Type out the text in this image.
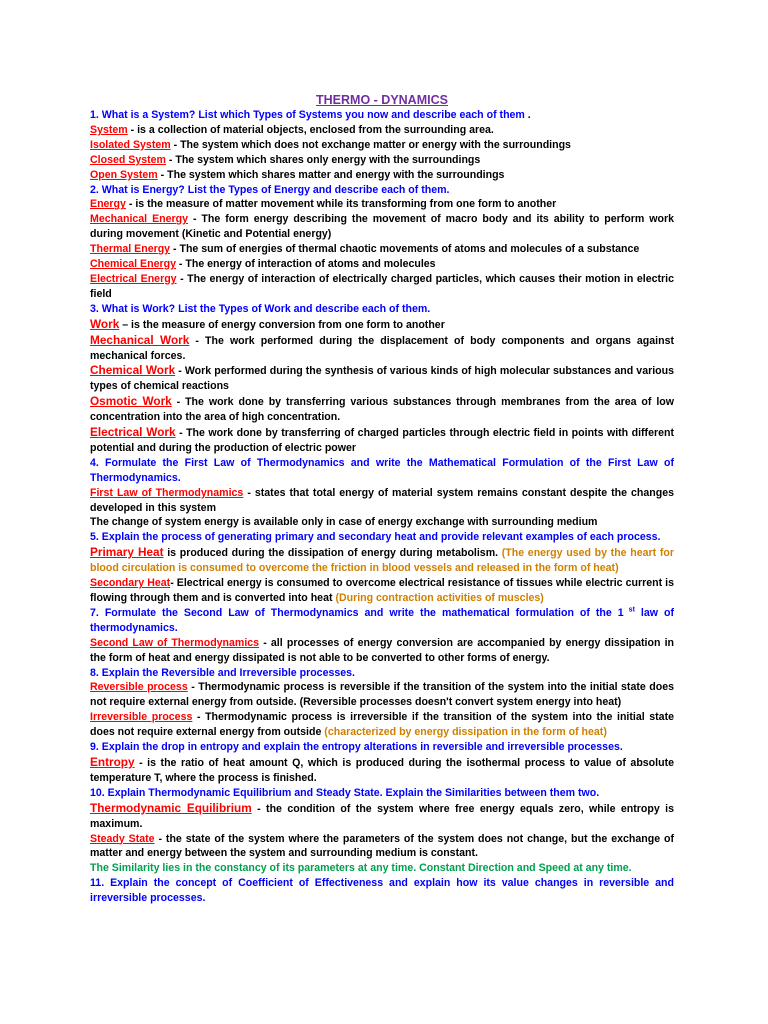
THERMO - DYNAMICS

1. What is a System? List which Types of Systems you now and describe each of them .

System - is a collection of material objects, enclosed from the surrounding area.

Isolated System - The system which does not exchange matter or energy with the surroundings

Closed System - The system which shares only energy with the surroundings

Open System - The system which shares matter and energy with the surroundings

2. What is Energy? List the Types of Energy and describe each of them.

Energy - is the measure of matter movement while its transforming from one form to another

Mechanical Energy - The form energy describing the movement of macro body and its ability to perform work during movement (Kinetic and Potential energy)

Thermal Energy - The sum of energies of thermal chaotic movements of atoms and molecules of a substance

Chemical Energy - The energy of interaction of atoms and molecules

Electrical Energy - The energy of interaction of electrically charged particles, which causes their motion in electric field

3. What is Work? List the Types of Work and describe each of them.

Work – is the measure of energy conversion from one form to another

Mechanical Work - The work performed during the displacement of body components and organs against mechanical forces.

Chemical Work - Work performed during the synthesis of various kinds of high molecular substances and various types of chemical reactions

Osmotic Work - The work done by transferring various substances through membranes from the area of low concentration into the area of high concentration.

Electrical Work - The work done by transferring of charged particles through electric field in points with different potential and during the production of electric power

4. Formulate the First Law of Thermodynamics and write the Mathematical Formulation of the First Law of Thermodynamics.

First Law of Thermodynamics - states that total energy of material system remains constant despite the changes developed in this system

The change of system energy is available only in case of energy exchange with surrounding medium

5. Explain the process of generating primary and secondary heat and provide relevant examples of each process.

Primary Heat is produced during the dissipation of energy during metabolism. (The energy used by the heart for blood circulation is consumed to overcome the friction in blood vessels and released in the form of heat)

Secondary Heat- Electrical energy is consumed to overcome electrical resistance of tissues while electric current is flowing through them and is converted into heat (During contraction activities of muscles)

7. Formulate the Second Law of Thermodynamics and write the mathematical formulation of the 1 $^{st}$ law of thermodynamics.

Second Law of Thermodynamics - all processes of energy conversion are accompanied by energy dissipation in the form of heat and energy dissipated is not able to be converted to other forms of energy.

8. Explain the Reversible and Irreversible processes.

Reversible process - Thermodynamic process is reversible if the transition of the system into the initial state does not require external energy from outside. (Reversible processes doesn't convert system energy into heat)

Irreversible process - Thermodynamic process is irreversible if the transition of the system into the initial state does not require external energy from outside (characterized by energy dissipation in the form of heat)

9. Explain the drop in entropy and explain the entropy alterations in reversible and irreversible processes.

Entropy - is the ratio of heat amount Q, which is produced during the isothermal process to value of absolute temperature T, where the process is finished.

10. Explain Thermodynamic Equilibrium and Steady State. Explain the Similarities between them two.

Thermodynamic Equilibrium - the condition of the system where free energy equals zero, while entropy is maximum.

Steady State - the state of the system where the parameters of the system does not change, but the exchange of matter and energy between the system and surrounding medium is constant.

The Similarity lies in the constancy of its parameters at any time. Constant Direction and Speed at any time.

11. Explain the concept of Coefficient of Effectiveness and explain how its value changes in reversible and irreversible processes.
